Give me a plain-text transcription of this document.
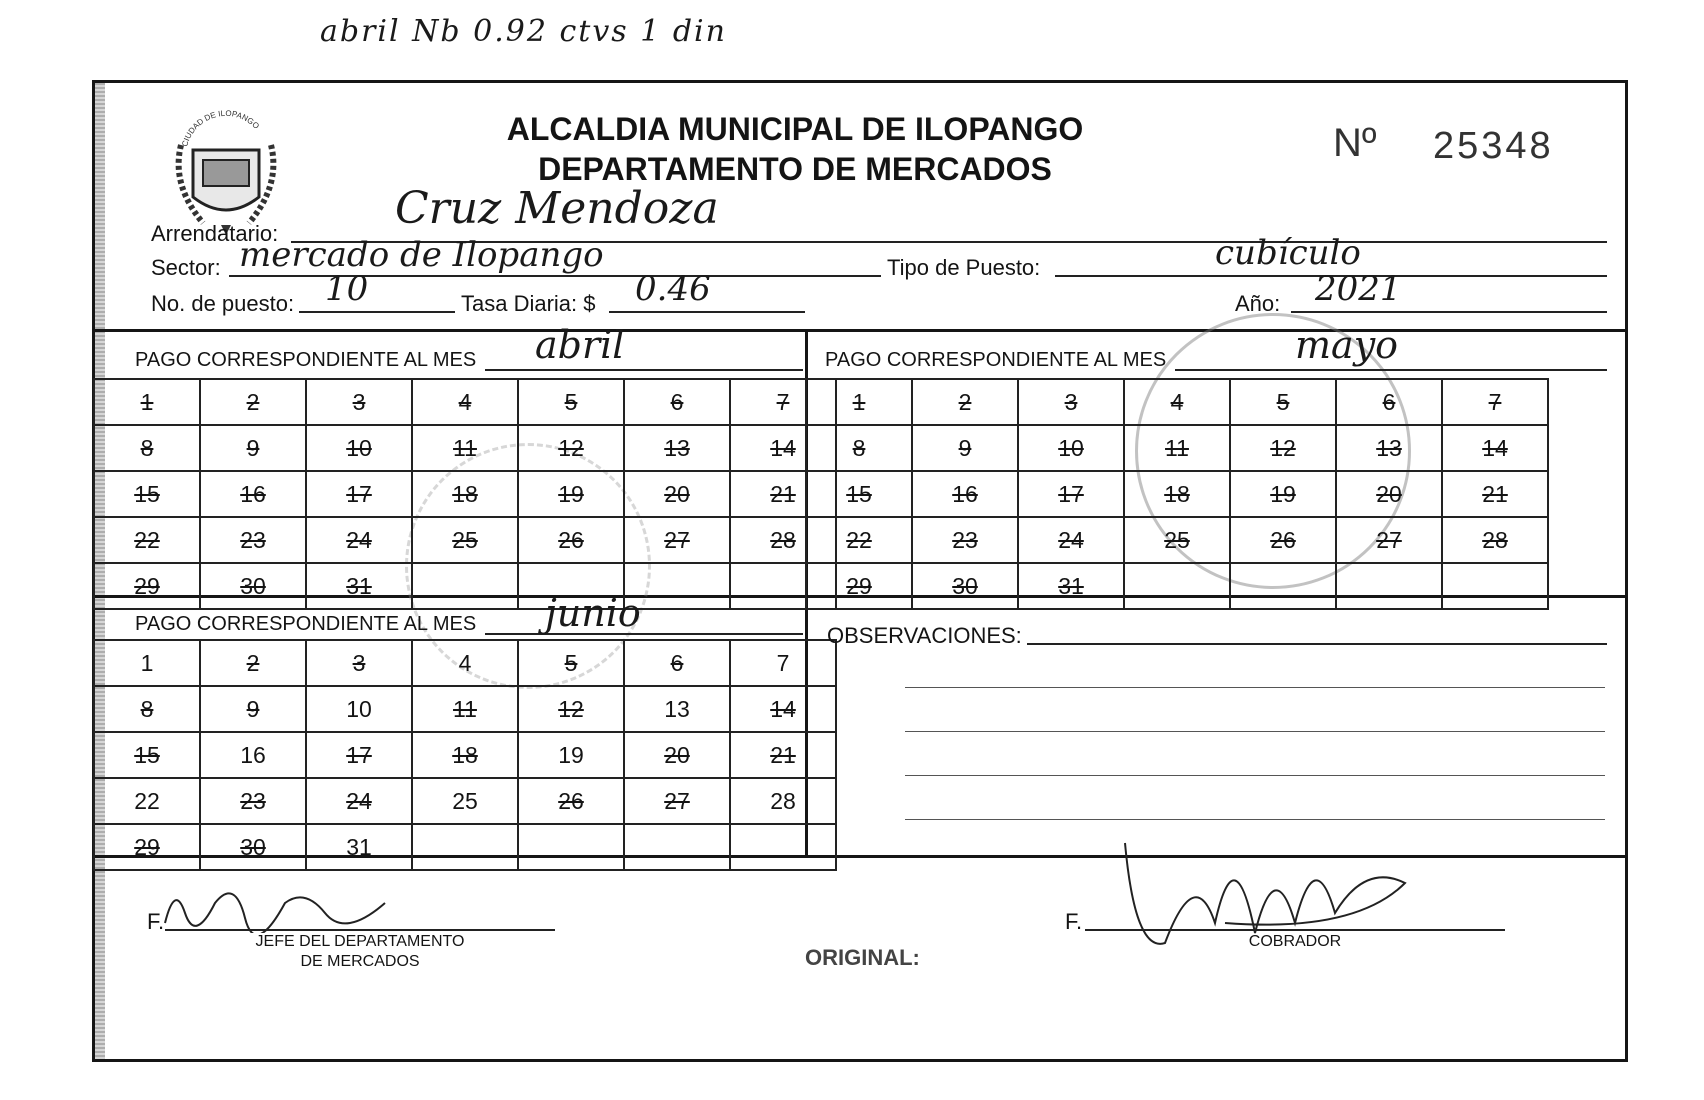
abril Nb 0.92 ctvs 1 din
CIUDAD DE ILOPANGO	ALCALDIA MUNICIPAL DE ILOPANGO
DEPARTAMENTO DE MERCADOS
Nº 25348
Arrendatario:	Cruz Mendoza
Sector: mercado de Ilopango	Tipo de Puesto:	cubículo
No. de puesto: 10	Tasa Diaria: $ 0.46	Año: 2021
PAGO CORRESPONDIENTE AL MES abril
1	2	3	4	5	6	7
8	9	10	11	12	13	14
15	16	17	18	19	20	21
22	23	24	25	26	27	28
29	30	31				
PAGO CORRESPONDIENTE AL MES	mayo
1	2	3	4	5	6	7
8	9	10	11	12	13	14
15	16	17	18	19	20	21
22	23	24	25	26	27	28
29	30	31				
PAGO CORRESPONDIENTE AL MES junio
1	2	3	4	5	6	7
8	9	10	11	12	13	14
15	16	17	18	19	20	21
22	23	24	25	26	27	28
29	30	31				
OBSERVACIONES:
ORIGINAL:
F.
JEFE DEL DEPARTAMENTO
DE MERCADOS
F.
COBRADOR
